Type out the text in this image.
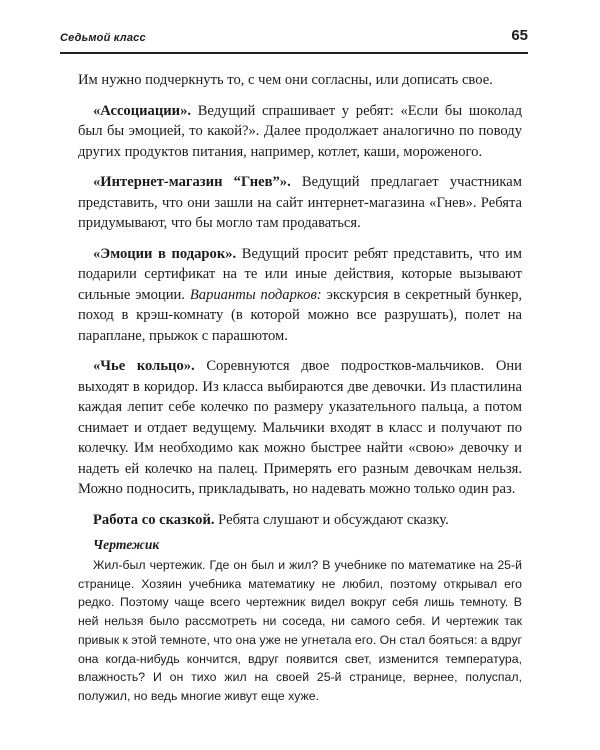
Седьмой класс	65

Им нужно подчеркнуть то, с чем они согласны, или дописать свое.

«Ассоциации». Ведущий спрашивает у ребят: «Если бы шоколад был бы эмоцией, то какой?». Далее продолжает аналогично по поводу других продуктов питания, например, котлет, каши, мороженого.

«Интернет-магазин “Гнев”». Ведущий предлагает участникам представить, что они зашли на сайт интернет-магазина «Гнев». Ребята придумывают, что бы могло там продаваться.

«Эмоции в подарок». Ведущий просит ребят представить, что им подарили сертификат на те или иные действия, которые вызывают сильные эмоции. Варианты подарков: экскурсия в секретный бункер, поход в крэш-комнату (в которой можно все разрушать), полет на параплане, прыжок с парашютом.

«Чье кольцо». Соревнуются двое подростков-мальчиков. Они выходят в коридор. Из класса выбираются две девочки. Из пластилина каждая лепит себе колечко по размеру указательного пальца, а потом снимает и отдает ведущему. Мальчики входят в класс и получают по колечку. Им необходимо как можно быстрее найти «свою» девочку и надеть ей колечко на палец. Примерять его разным девочкам нельзя. Можно подносить, прикладывать, но надевать можно только один раз.

Работа со сказкой. Ребята слушают и обсуждают сказку.

Чертежик

Жил-был чертежик. Где он был и жил? В учебнике по математике на 25-й странице. Хозяин учебника математику не любил, поэтому открывал его редко. Поэтому чаще всего чертежник видел вокруг себя лишь темноту. В ней нельзя было рассмотреть ни соседа, ни самого себя. И чертежик так привык к этой темноте, что она уже не угнетала его. Он стал бояться: а вдруг она когда-нибудь кончится, вдруг появится свет, изменится температура, влажность? И он тихо жил на своей 25-й странице, вернее, полуспал, полужил, но ведь многие живут еще хуже.
